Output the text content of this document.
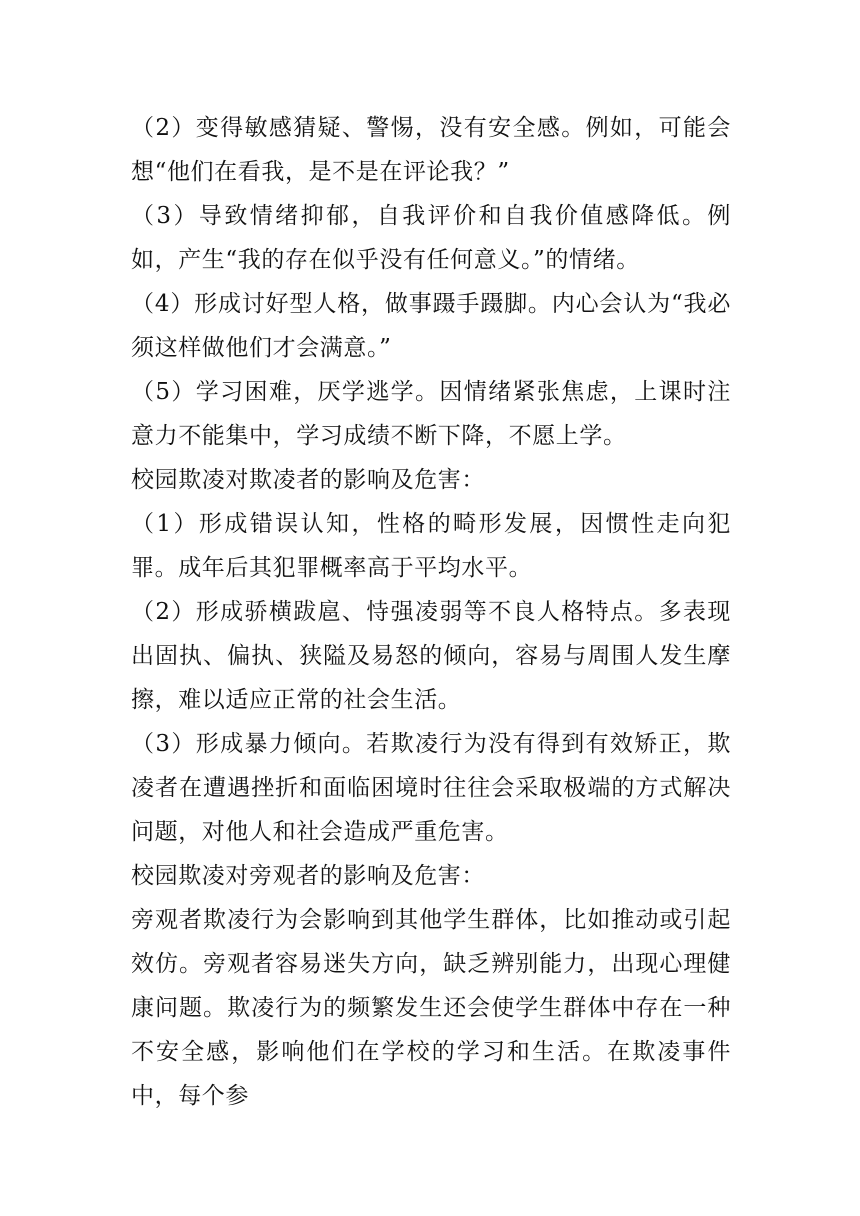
（2）变得敏感猜疑、警惕，没有安全感。例如，可能会想“他们在看我，是不是在评论我？”

（3）导致情绪抑郁，自我评价和自我价值感降低。例如，产生“我的存在似乎没有任何意义。”的情绪。

（4）形成讨好型人格，做事蹑手蹑脚。内心会认为“我必须这样做他们才会满意。”

（5）学习困难，厌学逃学。因情绪紧张焦虑，上课时注意力不能集中，学习成绩不断下降，不愿上学。

校园欺凌对欺凌者的影响及危害：

（1）形成错误认知，性格的畸形发展，因惯性走向犯罪。成年后其犯罪概率高于平均水平。

（2）形成骄横跋扈、恃强凌弱等不良人格特点。多表现出固执、偏执、狭隘及易怒的倾向，容易与周围人发生摩擦，难以适应正常的社会生活。

（3）形成暴力倾向。若欺凌行为没有得到有效矫正，欺凌者在遭遇挫折和面临困境时往往会采取极端的方式解决问题，对他人和社会造成严重危害。

校园欺凌对旁观者的影响及危害：

旁观者欺凌行为会影响到其他学生群体，比如推动或引起效仿。旁观者容易迷失方向，缺乏辨别能力，出现心理健康问题。欺凌行为的频繁发生还会使学生群体中存在一种不安全感，影响他们在学校的学习和生活。在欺凌事件中，每个参
